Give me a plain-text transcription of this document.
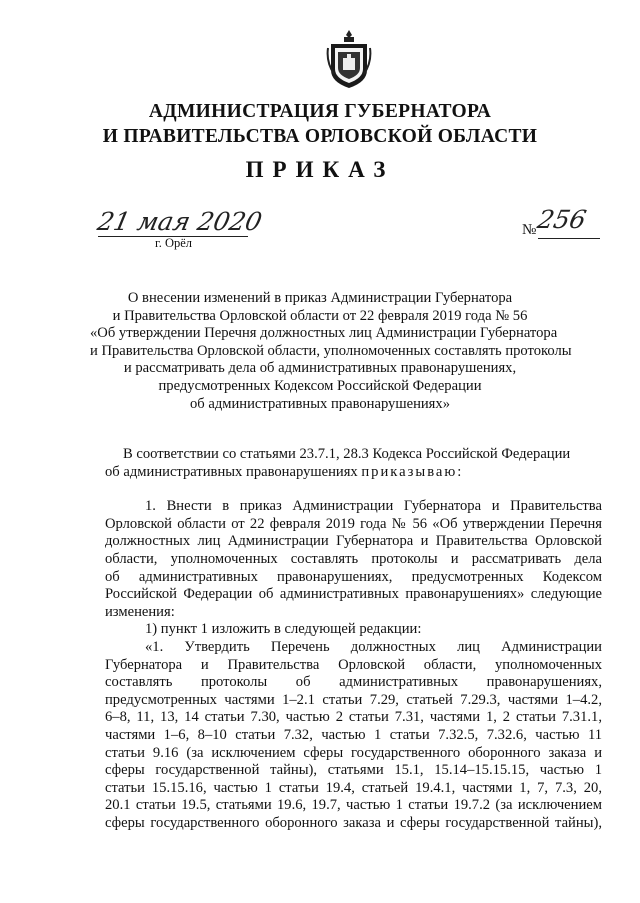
АДМИНИСТРАЦИЯ ГУБЕРНАТОРА
И ПРАВИТЕЛЬСТВА ОРЛОВСКОЙ ОБЛАСТИ
ПРИКАЗ
21 мая 2020
г. Орёл
№
256
О внесении изменений в приказ Администрации Губернатора
и Правительства Орловской области от 22 февраля 2019 года № 56
«Об утверждении Перечня должностных лиц Администрации Губернатора
и Правительства Орловской области, уполномоченных составлять протоколы
и рассматривать дела об административных правонарушениях,
предусмотренных Кодексом Российской Федерации
об административных правонарушениях»
В соответствии со статьями 23.7.1, 28.3 Кодекса Российской Федерации
об административных правонарушениях приказываю:
1. Внести в приказ Администрации Губернатора и Правительства
Орловской области от 22 февраля 2019 года № 56 «Об утверждении Перечня
должностных лиц Администрации Губернатора и Правительства Орловской
области, уполномоченных составлять протоколы и рассматривать дела
об административных правонарушениях, предусмотренных Кодексом
Российской Федерации об административных правонарушениях» следующие
изменения:
1) пункт 1 изложить в следующей редакции:
«1. Утвердить Перечень должностных лиц Администрации
Губернатора и Правительства Орловской области, уполномоченных
составлять протоколы об административных правонарушениях,
предусмотренных частями 1–2.1 статьи 7.29, статьей 7.29.3, частями 1–4.2,
6–8, 11, 13, 14 статьи 7.30, частью 2 статьи 7.31, частями 1, 2 статьи 7.31.1,
частями 1–6, 8–10 статьи 7.32, частью 1 статьи 7.32.5, 7.32.6, частью 11
статьи 9.16 (за исключением сферы государственного оборонного заказа и
сферы государственной тайны), статьями 15.1, 15.14–15.15.15, частью 1
статьи 15.15.16, частью 1 статьи 19.4, статьей 19.4.1, частями 1, 7, 7.3, 20,
20.1 статьи 19.5, статьями 19.6, 19.7, частью 1 статьи 19.7.2 (за исключением
сферы государственного оборонного заказа и сферы государственной тайны),
